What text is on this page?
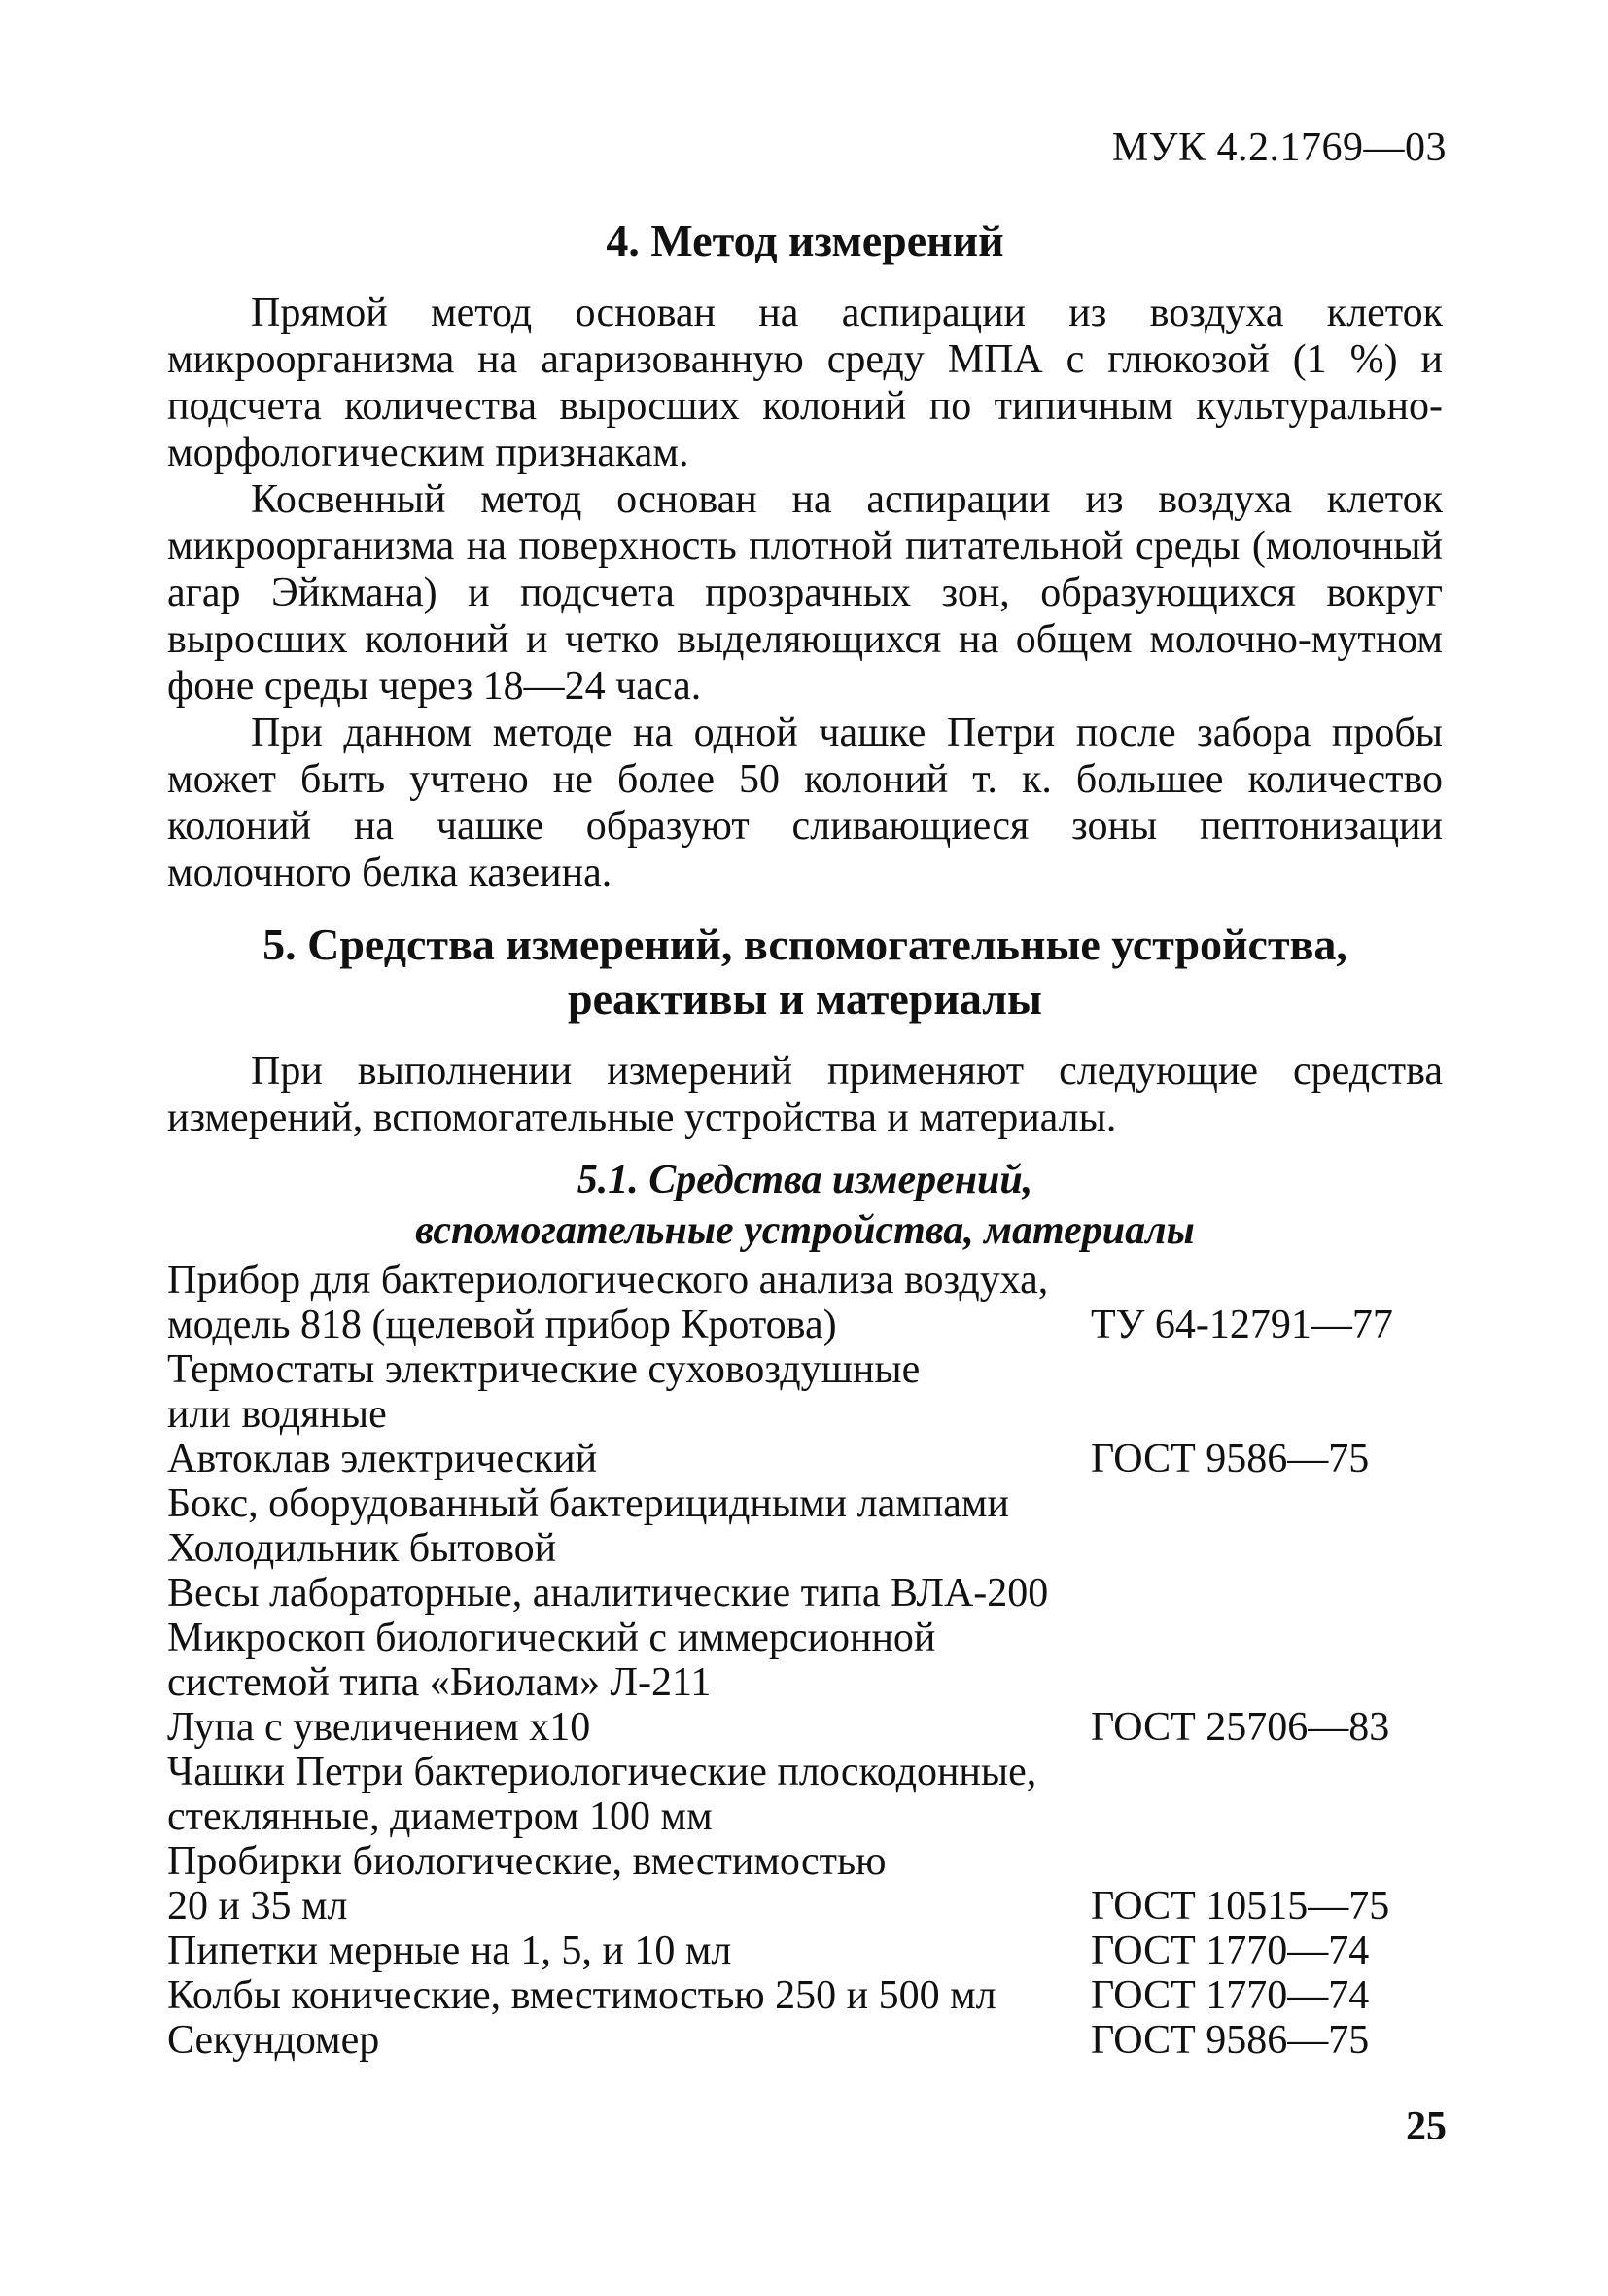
МУК 4.2.1769—03
4. Метод измерений

Прямой метод основан на аспирации из воздуха клеток микроорганизма на агаризованную среду МПА с глюкозой (1 %) и подсчета количества выросших колоний по типичным культурально-морфологическим признакам.

Косвенный метод основан на аспирации из воздуха клеток микроорганизма на поверхность плотной питательной среды (молочный агар Эйкмана) и подсчета прозрачных зон, образующихся вокруг выросших колоний и четко выделяющихся на общем молочно-мутном фоне среды через 18—24 часа.

При данном методе на одной чашке Петри после забора пробы может быть учтено не более 50 колоний т. к. большее количество колоний на чашке образуют сливающиеся зоны пептонизации молочного белка казеина.

5. Средства измерений, вспомогательные устройства,
реактивы и материалы

При выполнении измерений применяют следующие средства измерений, вспомогательные устройства и материалы.

5.1. Средства измерений,
вспомогательные устройства, материалы
Прибор для бактериологического анализа воздуха,
модель 818 (щелевой прибор Кротова)	ТУ 64-12791—77
Термостаты электрические суховоздушные
или водяные
Автоклав электрический	ГОСТ 9586—75
Бокс, оборудованный бактерицидными лампами
Холодильник бытовой
Весы лабораторные, аналитические типа ВЛА-200
Микроскоп биологический с иммерсионной
системой типа «Биолам» Л-211
Лупа с увеличением х10	ГОСТ 25706—83
Чашки Петри бактериологические плоскодонные,
стеклянные, диаметром 100 мм
Пробирки биологические, вместимостью
20 и 35 мл	ГОСТ 10515—75
Пипетки мерные на 1, 5, и 10 мл	ГОСТ 1770—74
Колбы конические, вместимостью 250 и 500 мл	ГОСТ 1770—74
Секундомер	ГОСТ 9586—75
25
